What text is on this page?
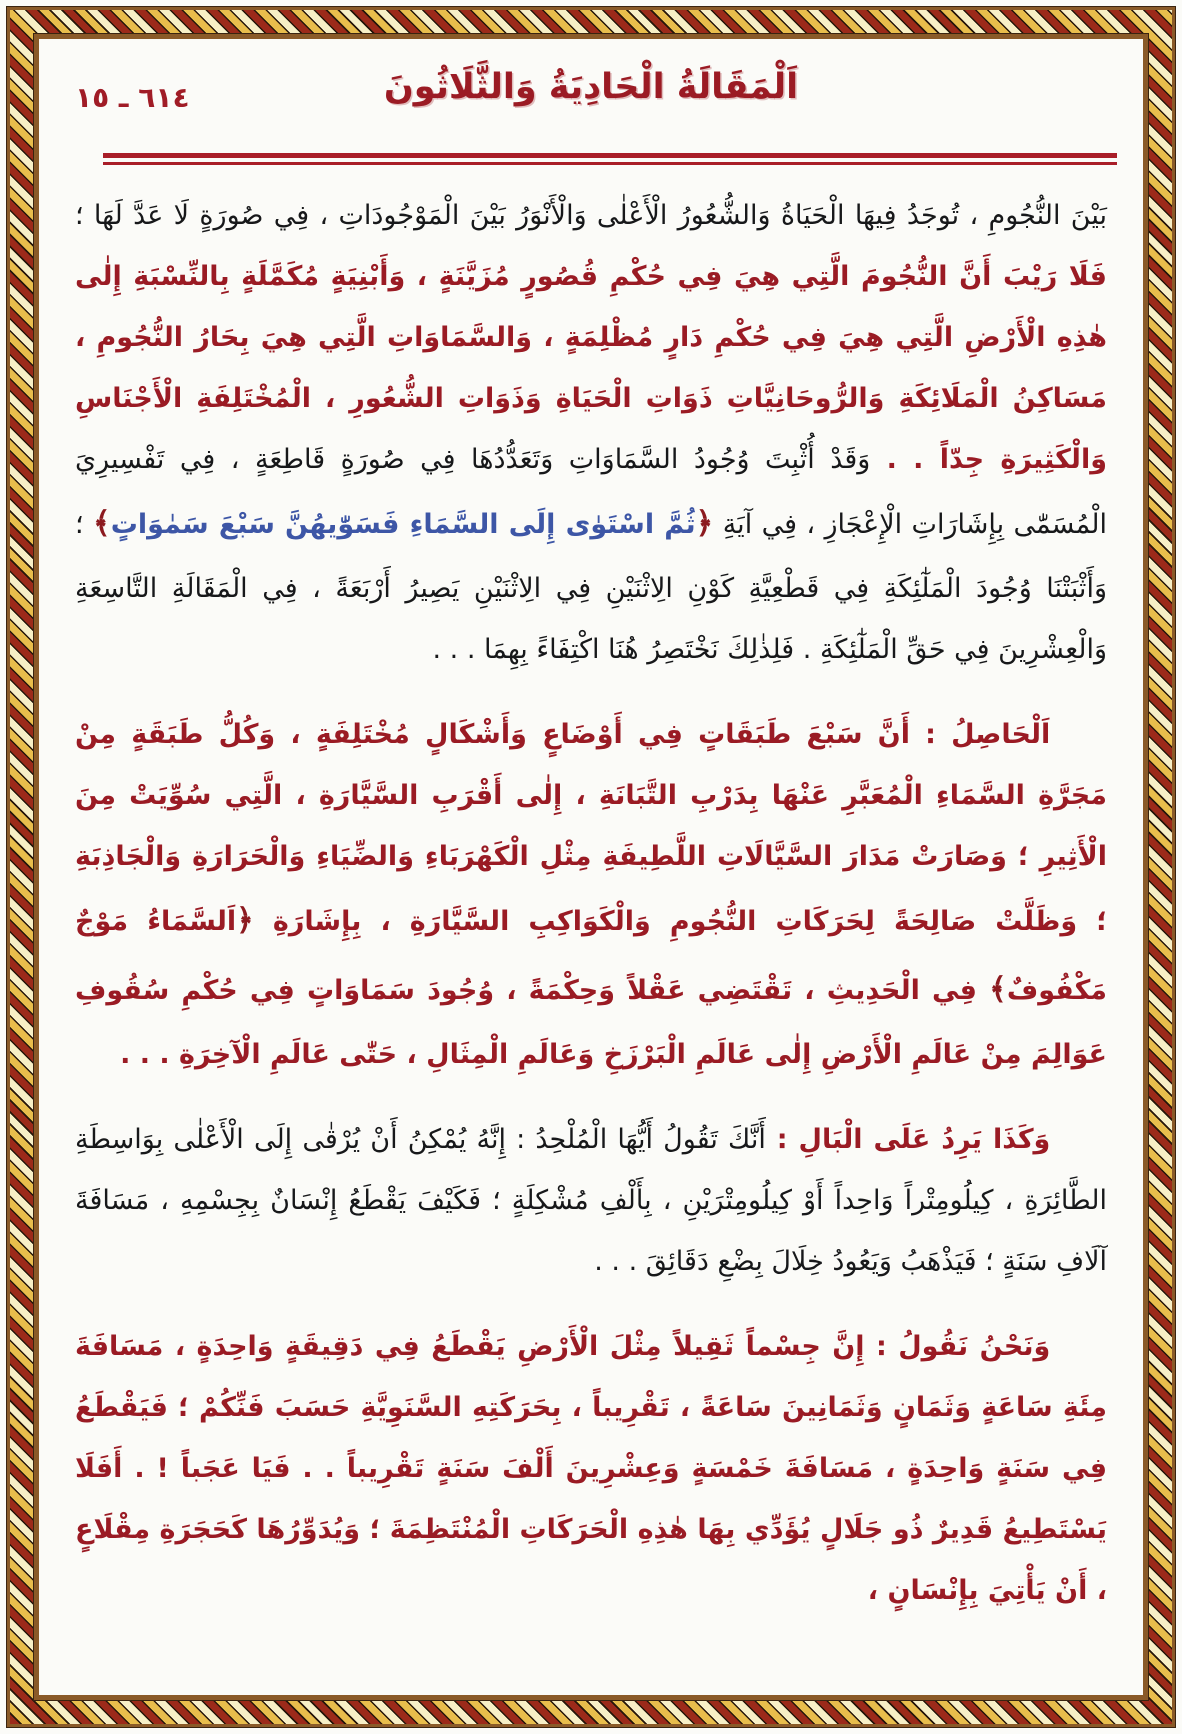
اَلْمَقَالَةُ الْحَادِيَةُ وَالثَّلَاثُونَ
٦١٤ ـ ١٥

بَيْنَ النُّجُومِ ، تُوجَدُ فِيهَا الْحَيَاةُ وَالشُّعُورُ الْأَعْلٰى وَالْأَنْوَرُ بَيْنَ الْمَوْجُودَاتِ ، فِي صُورَةٍ لَا عَدَّ لَهَا ؛ فَلَا رَيْبَ أَنَّ النُّجُومَ الَّتِي هِيَ فِي حُكْمِ قُصُورٍ مُزَيَّنَةٍ ، وَأَبْنِيَةٍ مُكَمَّلَةٍ بِالنِّسْبَةِ إِلٰى هٰذِهِ الْأَرْضِ الَّتِي هِيَ فِي حُكْمِ دَارٍ مُظْلِمَةٍ ، وَالسَّمَاوَاتِ الَّتِي هِيَ بِحَارُ النُّجُومِ ، مَسَاكِنُ الْمَلَائِكَةِ وَالرُّوحَانِيَّاتِ ذَوَاتِ الْحَيَاةِ وَذَوَاتِ الشُّعُورِ ، الْمُخْتَلِفَةِ الْأَجْنَاسِ وَالْكَثِيرَةِ جِدّاً . . وَقَدْ أُثْبِتَ وُجُودُ السَّمَاوَاتِ وَتَعَدُّدُهَا فِي صُورَةٍ قَاطِعَةٍ ، فِي تَفْسِيرِيَ الْمُسَمّٰى بِإِشَارَاتِ الْإِعْجَازِ ، فِي آيَةِ ﴿ثُمَّ اسْتَوٰى إِلَى السَّمَاءِ فَسَوّٰيهُنَّ سَبْعَ سَمٰوَاتٍ﴾ ؛ وَأَثْبَتْنَا وُجُودَ الْمَلٰٓئِكَةِ فِي قَطْعِيَّةِ كَوْنِ الِاثْنَيْنِ فِي الِاثْنَيْنِ يَصِيرُ أَرْبَعَةً ، فِي الْمَقَالَةِ التَّاسِعَةِ وَالْعِشْرِينَ فِي حَقِّ الْمَلٰٓئِكَةِ . فَلِذٰلِكَ نَخْتَصِرُ هُنَا اكْتِفَاءً بِهِمَا . . .

اَلْحَاصِلُ : أَنَّ سَبْعَ طَبَقَاتٍ فِي أَوْضَاعٍ وَأَشْكَالٍ مُخْتَلِفَةٍ ، وَكُلُّ طَبَقَةٍ مِنْ مَجَرَّةِ السَّمَاءِ الْمُعَبَّرِ عَنْهَا بِدَرْبِ التَّبَانَةِ ، إِلٰى أَقْرَبِ السَّيَّارَةِ ، الَّتِي سُوِّيَتْ مِنَ الْأَثِيرِ ؛ وَصَارَتْ مَدَارَ السَّيَّالَاتِ اللَّطِيفَةِ مِثْلِ الْكَهْرَبَاءِ وَالضِّيَاءِ وَالْحَرَارَةِ وَالْجَاذِبَةِ ؛ وَظَلَّتْ صَالِحَةً لِحَرَكَاتِ النُّجُومِ وَالْكَوَاكِبِ السَّيَّارَةِ ، بِإِشَارَةِ ﴿اَلسَّمَاءُ مَوْجٌ مَكْفُوفٌ﴾ فِي الْحَدِيثِ ، تَقْتَضِي عَقْلاً وَحِكْمَةً ، وُجُودَ سَمَاوَاتٍ فِي حُكْمِ سُقُوفِ عَوَالِمَ مِنْ عَالَمِ الْأَرْضِ إِلٰى عَالَمِ الْبَرْزَخِ وَعَالَمِ الْمِثَالِ ، حَتّٰى عَالَمِ الْآخِرَةِ . . .

وَكَذَا يَرِدُ عَلَى الْبَالِ : أَنَّكَ تَقُولُ أَيُّهَا الْمُلْحِدُ : إِنَّهُ يُمْكِنُ أَنْ يُرْقٰى إِلَى الْأَعْلٰى بِوَاسِطَةِ الطَّائِرَةِ ، كِيلُومِتْراً وَاحِداً أَوْ كِيلُومِتْرَيْنِ ، بِأَلْفِ مُشْكِلَةٍ ؛ فَكَيْفَ يَقْطَعُ إِنْسَانٌ بِجِسْمِهِ ، مَسَافَةَ آلَافِ سَنَةٍ ؛ فَيَذْهَبُ وَيَعُودُ خِلَالَ بِضْعِ دَقَائِقَ . . .

وَنَحْنُ نَقُولُ : إِنَّ جِسْماً ثَقِيلاً مِثْلَ الْأَرْضِ يَقْطَعُ فِي دَقِيقَةٍ وَاحِدَةٍ ، مَسَافَةَ مِئَةِ سَاعَةٍ وَثَمَانٍ وَثَمَانِينَ سَاعَةً ، تَقْرِيباً ، بِحَرَكَتِهِ السَّنَوِيَّةِ حَسَبَ فَنِّكُمْ ؛ فَيَقْطَعُ فِي سَنَةٍ وَاحِدَةٍ ، مَسَافَةَ خَمْسَةٍ وَعِشْرِينَ أَلْفَ سَنَةٍ تَقْرِيباً . . فَيَا عَجَباً ! . أَفَلَا يَسْتَطِيعُ قَدِيرٌ ذُو جَلَالٍ يُؤَدِّي بِهَا هٰذِهِ الْحَرَكَاتِ الْمُنْتَظِمَةَ ؛ وَيُدَوِّرُهَا كَحَجَرَةِ مِقْلَاعٍ ، أَنْ يَأْتِيَ بِإِنْسَانٍ ،
